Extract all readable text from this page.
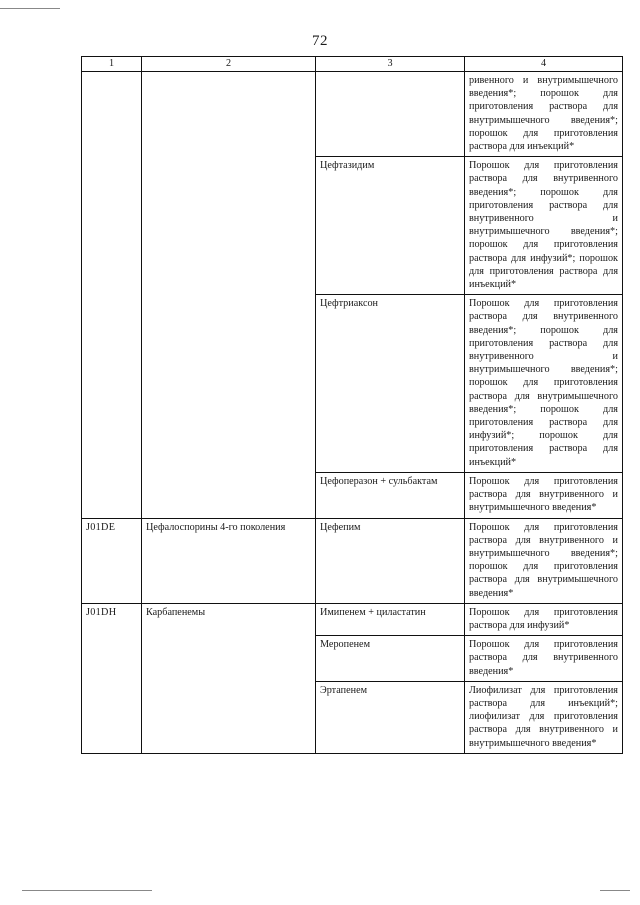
72
1	2	3	4
			ривенного и внутримышечного введения*; порошок для приготовления раствора для внутримышечного введения*; порошок для приготовления раствора для инъекций*
		Цефтазидим	Порошок для приготовления раствора для внутривенного введения*; порошок для приготовления раствора для внутривенного и внутримышечного введения*; порошок для приготовления раствора для инфузий*; порошок для приготовления раствора для инъекций*
		Цефтриаксон	Порошок для приготовления раствора для внутривенного введения*; порошок для приготовления раствора для внутривенного и внутримышечного введения*; порошок для приготовления раствора для внутримышечного введения*; порошок для приготовления раствора для инфузий*; порошок для приготовления раствора для инъекций*
		Цефоперазон + сульбактам	Порошок для приготовления раствора для внутривенного и внутримышечного введения*
J01DE	Цефалоспорины 4-го поколения	Цефепим	Порошок для приготовления раствора для внутривенного и внутримышечного введения*; порошок для приготовления раствора для внутримышечного введения*
J01DH	Карбапенемы	Имипенем + циластатин	Порошок для приготовления раствора для инфузий*
		Меропенем	Порошок для приготовления раствора для внутривенного введения*
		Эртапенем	Лиофилизат для приготовления раствора для инъекций*; лиофилизат для приготовления раствора для внутривенного и внутримышечного введения*
